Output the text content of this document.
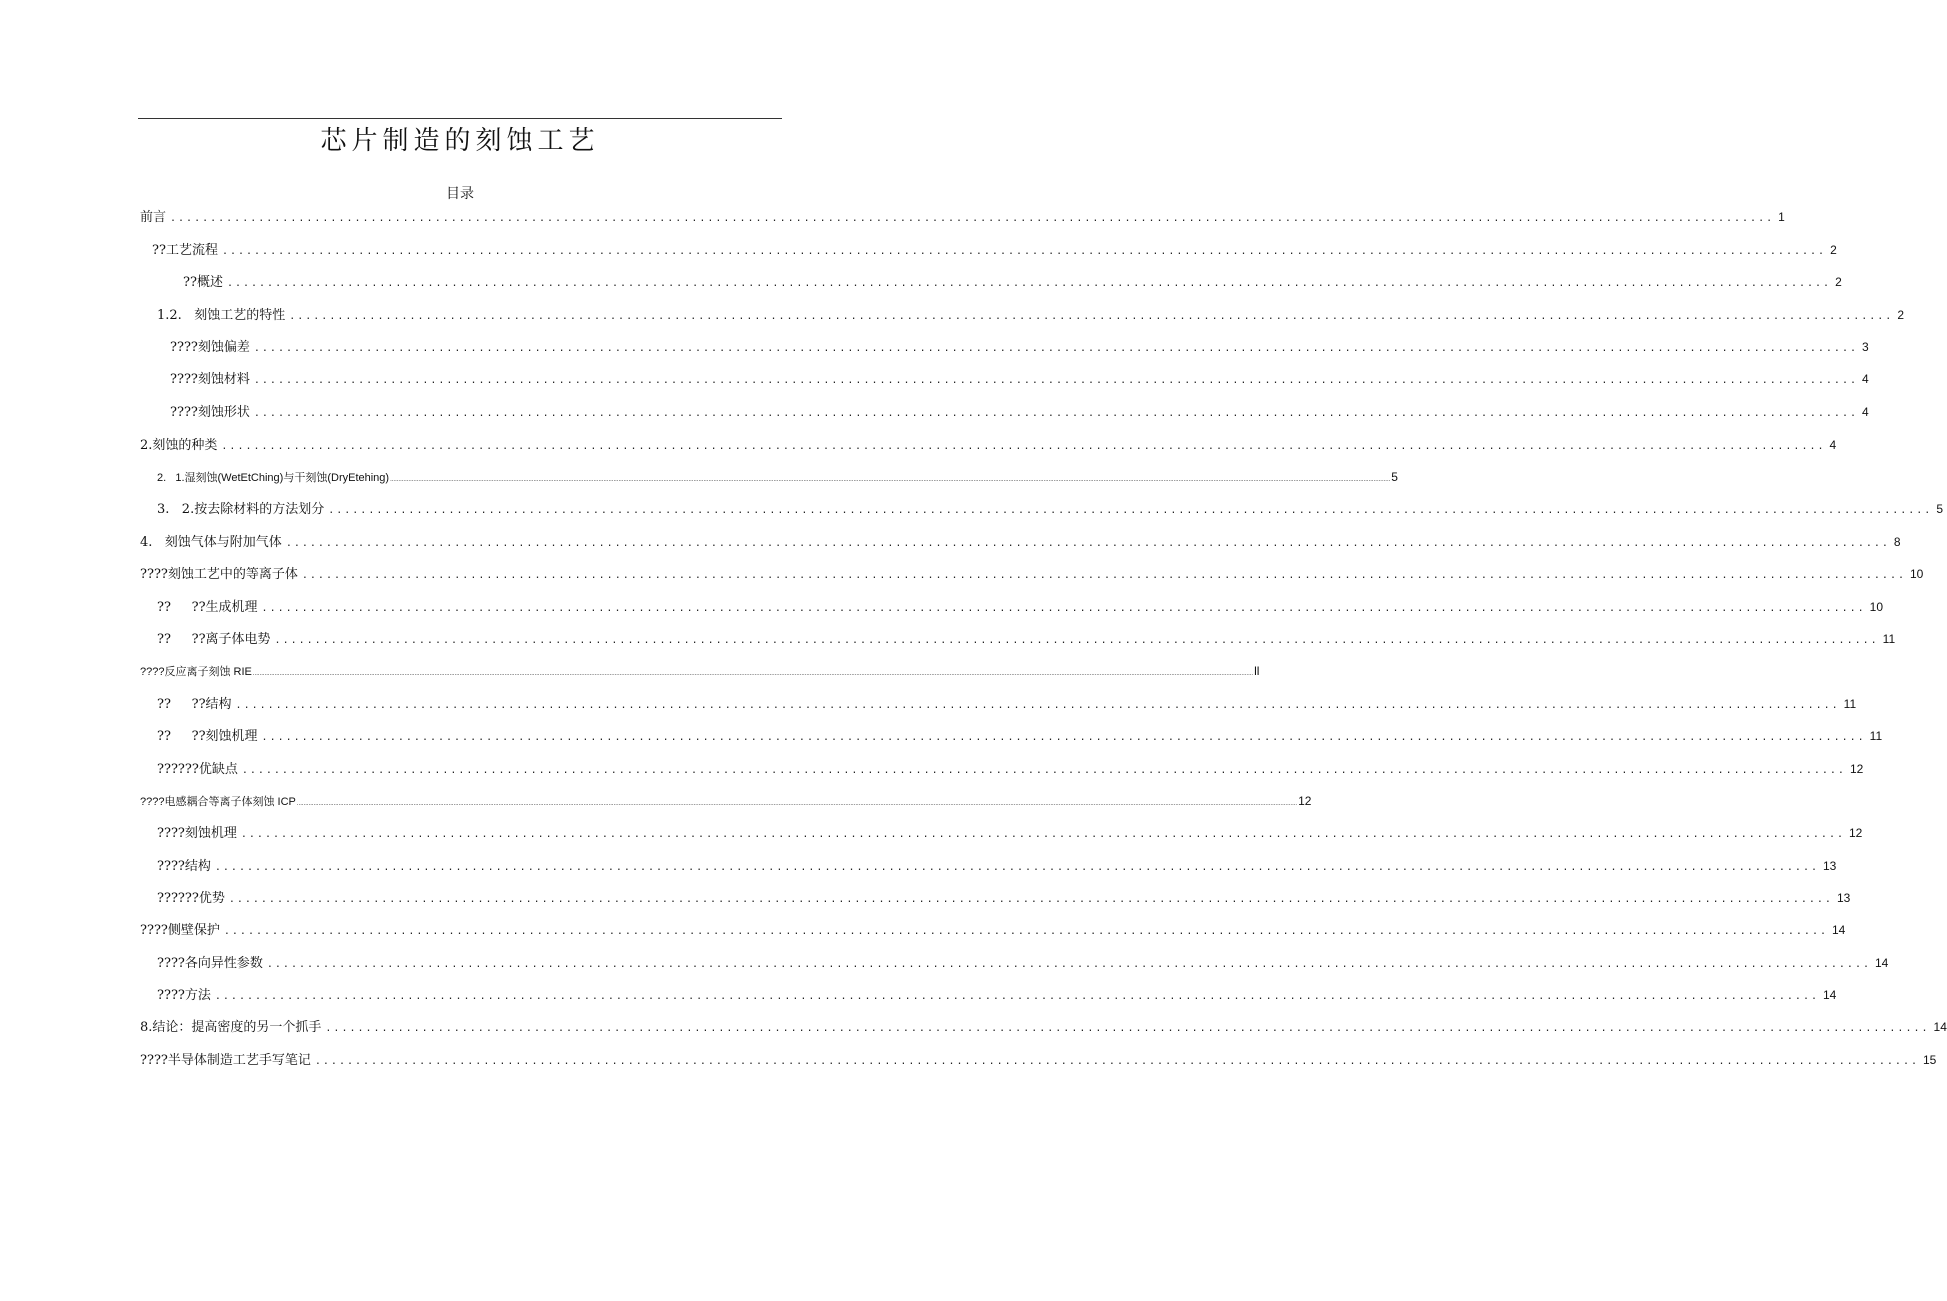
芯片制造的刻蚀工艺
目录
前言 ........................................................................................................................................................................................................ 1
??工艺流程 ........................................................................................................................................................................................................ 2
??概述 ........................................................................................................................................................................................................ 2
1.2.   刻蚀工艺的特性 ........................................................................................................................................................................................................ 2
????刻蚀偏差 ........................................................................................................................................................................................................ 3
????刻蚀材料 ........................................................................................................................................................................................................ 4
????刻蚀形状 ........................................................................................................................................................................................................ 4
2.刻蚀的种类 ........................................................................................................................................................................................................ 4
2.   1.湿刻蚀(WetEtChing)与干刻蚀(DryEtehing) ........................................................................................................................................................................................................................................................................................................................................................................................................................................................................................................................................................................................................................ 5
3.   2.按去除材料的方法划分 ........................................................................................................................................................................................................ 5
4.   刻蚀气体与附加气体 ........................................................................................................................................................................................................ 8
????刻蚀工艺中的等离子体 ........................................................................................................................................................................................................ 10
??     ??生成机理 ........................................................................................................................................................................................................ 10
??     ??离子体电势 ........................................................................................................................................................................................................ 11
????反应离子刻蚀 RIE ........................................................................................................................................................................................................................................................................................................................................................................................................................................................................................................................................................................................................................ ll
??     ??结构 ........................................................................................................................................................................................................ 11
??     ??刻蚀机理 ........................................................................................................................................................................................................ 11
??????优缺点 ........................................................................................................................................................................................................ 12
????电感耦合等离子体刻蚀 ICP ........................................................................................................................................................................................................................................................................................................................................................................................................................................................................................................................................................................................................................ 12
????刻蚀机理 ........................................................................................................................................................................................................ 12
????结构 ........................................................................................................................................................................................................ 13
??????优势 ........................................................................................................................................................................................................ 13
????侧壁保护 ........................................................................................................................................................................................................ 14
????各向异性参数 ........................................................................................................................................................................................................ 14
????方法 ........................................................................................................................................................................................................ 14
8.结论：提高密度的另一个抓手 ........................................................................................................................................................................................................ 14
????半导体制造工艺手写笔记 ........................................................................................................................................................................................................ 15
